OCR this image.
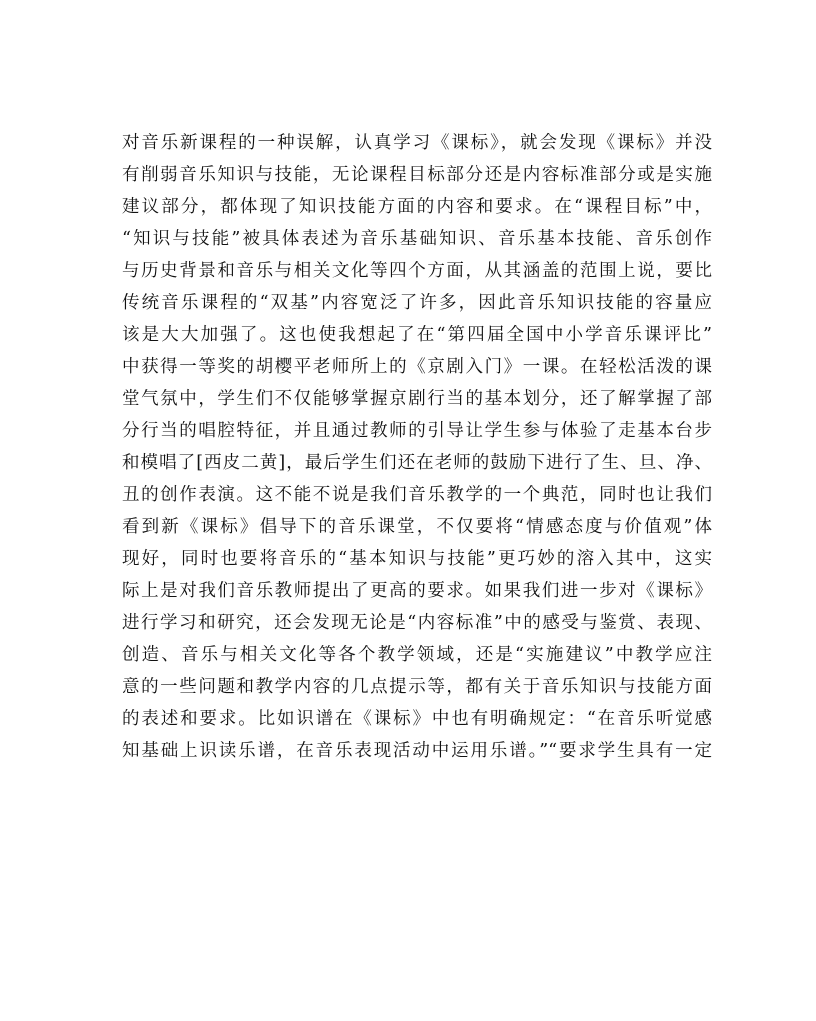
对音乐新课程的一种误解，认真学习《课标》，就会发现《课标》并没
有削弱音乐知识与技能，无论课程目标部分还是内容标准部分或是实施
建议部分，都体现了知识技能方面的内容和要求。在“课程目标”中，
“知识与技能”被具体表述为音乐基础知识、音乐基本技能、音乐创作
与历史背景和音乐与相关文化等四个方面，从其涵盖的范围上说，要比
传统音乐课程的“双基”内容宽泛了许多，因此音乐知识技能的容量应
该是大大加强了。这也使我想起了在“第四届全国中小学音乐课评比”
中获得一等奖的胡樱平老师所上的《京剧入门》一课。在轻松活泼的课
堂气氛中，学生们不仅能够掌握京剧行当的基本划分，还了解掌握了部
分行当的唱腔特征，并且通过教师的引导让学生参与体验了走基本台步
和模唱了[西皮二黄]，最后学生们还在老师的鼓励下进行了生、旦、净、
丑的创作表演。这不能不说是我们音乐教学的一个典范，同时也让我们
看到新《课标》倡导下的音乐课堂，不仅要将“情感态度与价值观”体
现好，同时也要将音乐的“基本知识与技能”更巧妙的溶入其中，这实
际上是对我们音乐教师提出了更高的要求。如果我们进一步对《课标》
进行学习和研究，还会发现无论是“内容标准”中的感受与鉴赏、表现、
创造、音乐与相关文化等各个教学领域，还是“实施建议”中教学应注
意的一些问题和教学内容的几点提示等，都有关于音乐知识与技能方面
的表述和要求。比如识谱在《课标》中也有明确规定：“在音乐听觉感
知基础上识读乐谱，在音乐表现活动中运用乐谱。”“要求学生具有一定
